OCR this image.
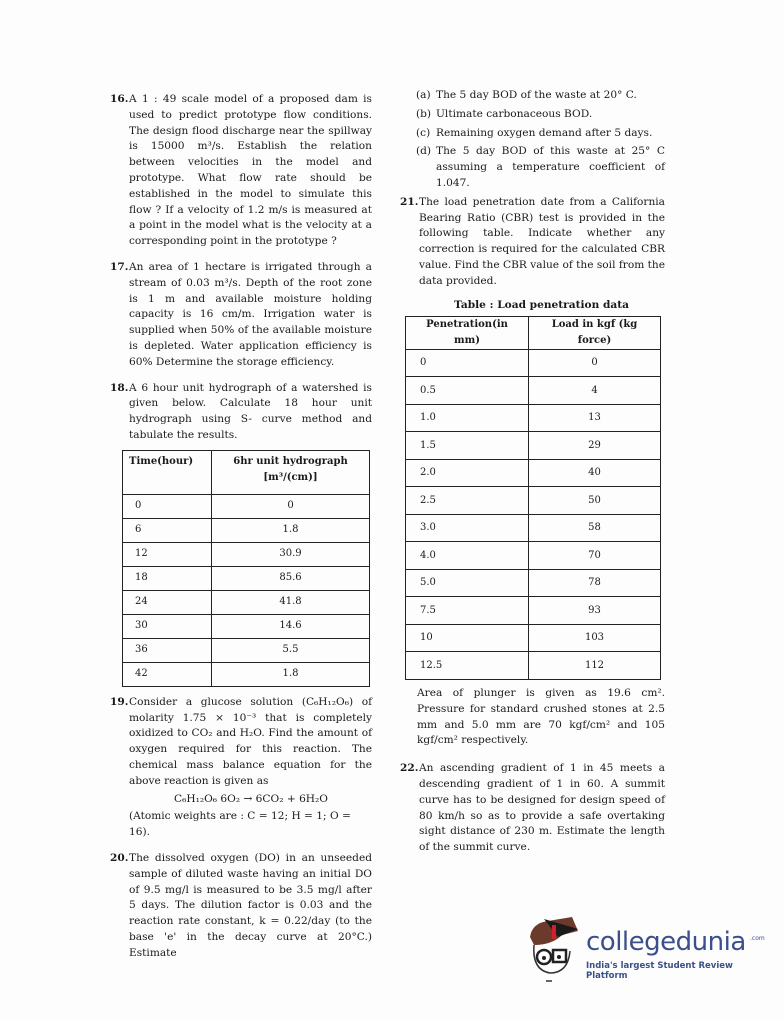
16. A 1 : 49 scale model of a proposed dam is used to predict prototype flow conditions. The design flood discharge near the spillway is 15000 m³/s. Establish the relation between velocities in the model and prototype. What flow rate should be established in the model to simulate this flow ? If a velocity of 1.2 m/s is measured at a point in the model what is the velocity at a corresponding point in the prototype ?
17. An area of 1 hectare is irrigated through a stream of 0.03 m³/s. Depth of the root zone is 1 m and available moisture holding capacity is 16 cm/m. Irrigation water is supplied when 50% of the available moisture is depleted. Water application efficiency is 60% Determine the storage efficiency.
18. A 6 hour unit hydrograph of a watershed is given below. Calculate 18 hour unit hydrograph using S- curve method and tabulate the results.
Time(hour)	6hr unit hydrograph
[m³/(cm)]
0	0
6	1.8
12	30.9
18	85.6
24	41.8
30	14.6
36	5.5
42	1.8
19. Consider a glucose solution (C₆H₁₂O₆) of molarity 1.75 × 10⁻³ that is completely oxidized to CO₂ and H₂O. Find the amount of oxygen required for this reaction. The chemical mass balance equation for the above reaction is given as
C₆H₁₂O₆ 6O₂ → 6CO₂ + 6H₂O
(Atomic weights are : C = 12; H = 1; O = 16).
20. The dissolved oxygen (DO) in an unseeded sample of diluted waste having an initial DO of 9.5 mg/l is measured to be 3.5 mg/l after 5 days. The dilution factor is 0.03 and the reaction rate constant, k = 0.22/day (to the base 'e' in the decay curve at 20°C.) Estimate
(a) The 5 day BOD of the waste at 20° C.
(b) Ultimate carbonaceous BOD.
(c) Remaining oxygen demand after 5 days.
(d) The 5 day BOD of this waste at 25° C assuming a temperature coefficient of 1.047.
21. The load penetration date from a California Bearing Ratio (CBR) test is provided in the following table. Indicate whether any correction is required for the calculated CBR value. Find the CBR value of the soil from the data provided.
Table : Load penetration data
Penetration(in mm)	Load in kgf (kg force)
0	0
0.5	4
1.0	13
1.5	29
2.0	40
2.5	50
3.0	58
4.0	70
5.0	78
7.5	93
10	103
12.5	112
Area of plunger is given as 19.6 cm². Pressure for standard crushed stones at 2.5 mm and 5.0 mm are 70 kgf/cm² and 105 kgf/cm² respectively.
22. An ascending gradient of 1 in 45 meets a descending gradient of 1 in 60. A summit curve has to be designed for design speed of 80 km/h so as to provide a safe overtaking sight distance of 230 m. Estimate the length of the summit curve.
collegedunia .com
India's largest Student Review Platform
